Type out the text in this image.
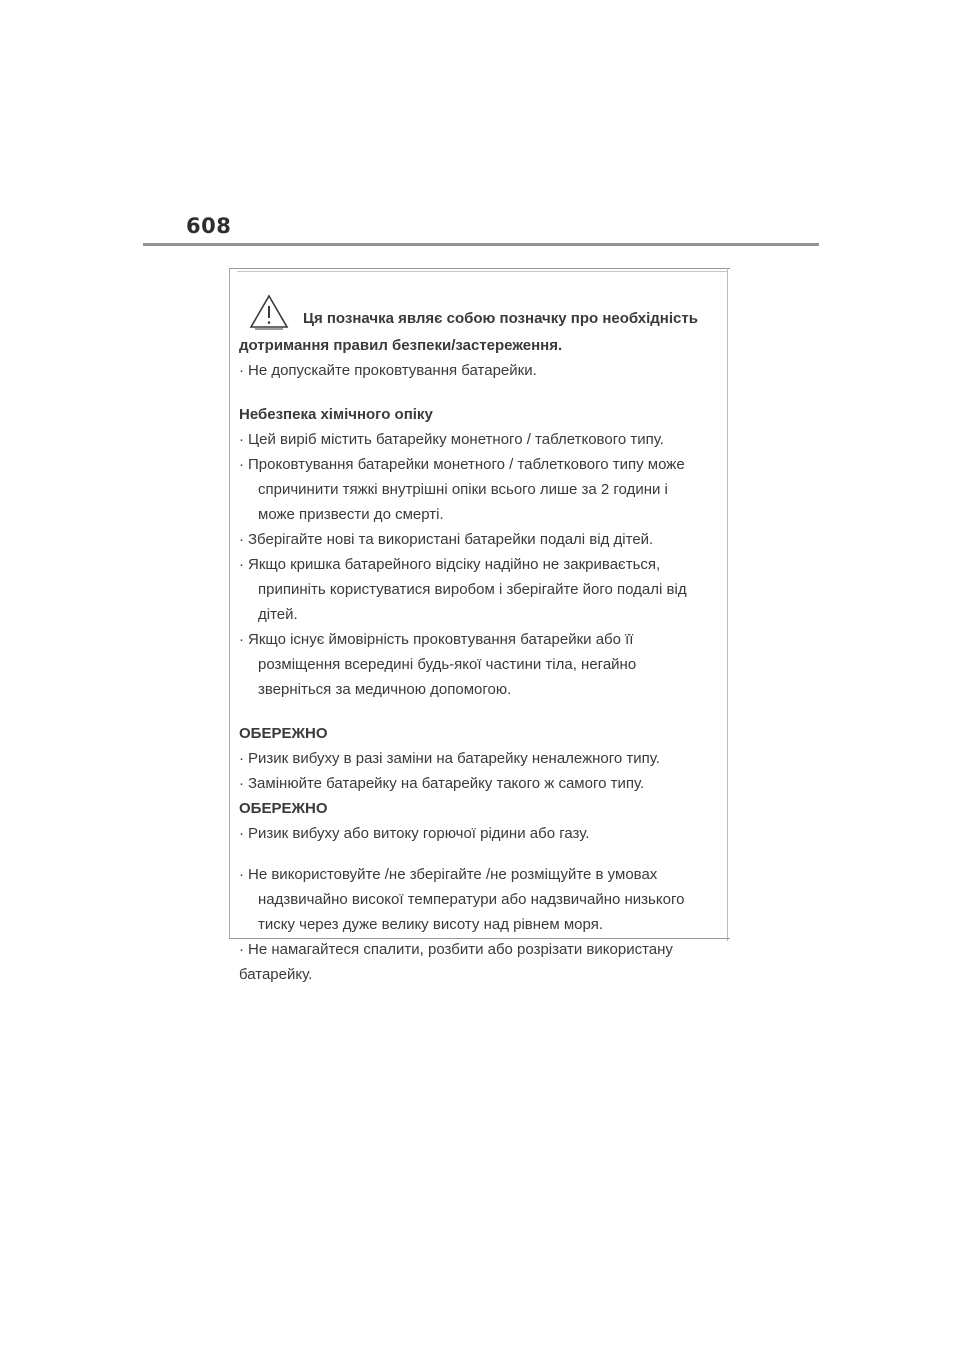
608
Ця позначка являє собою позначку про необхідність
дотримання правил безпеки/застереження.
· Не допускайте проковтування батарейки.
Небезпека хімічного опіку
· Цей виріб містить батарейку монетного / таблеткового типу.
· Проковтування батарейки монетного / таблеткового типу може
спричинити тяжкі внутрішні опіки всього лише за 2 години і
може призвести до смерті.
· Зберігайте нові та використані батарейки подалі від дітей.
· Якщо кришка батарейного відсіку надійно не закривається,
припиніть користуватися виробом і зберігайте його подалі від
дітей.
· Якщо існує ймовірність проковтування батарейки або її
розміщення всередині будь-якої частини тіла, негайно
зверніться за медичною допомогою.
ОБЕРЕЖНО
· Ризик вибуху в разі заміни на батарейку неналежного типу.
· Замінюйте батарейку на батарейку такого ж самого типу.
ОБЕРЕЖНО
· Ризик вибуху або витоку горючої рідини або газу.
· Не використовуйте /не зберігайте /не розміщуйте в умовах
надзвичайно високої температури або надзвичайно низького
тиску через дуже велику висоту над рівнем моря.
· Не намагайтеся спалити, розбити або розрізати використану
батарейку.
